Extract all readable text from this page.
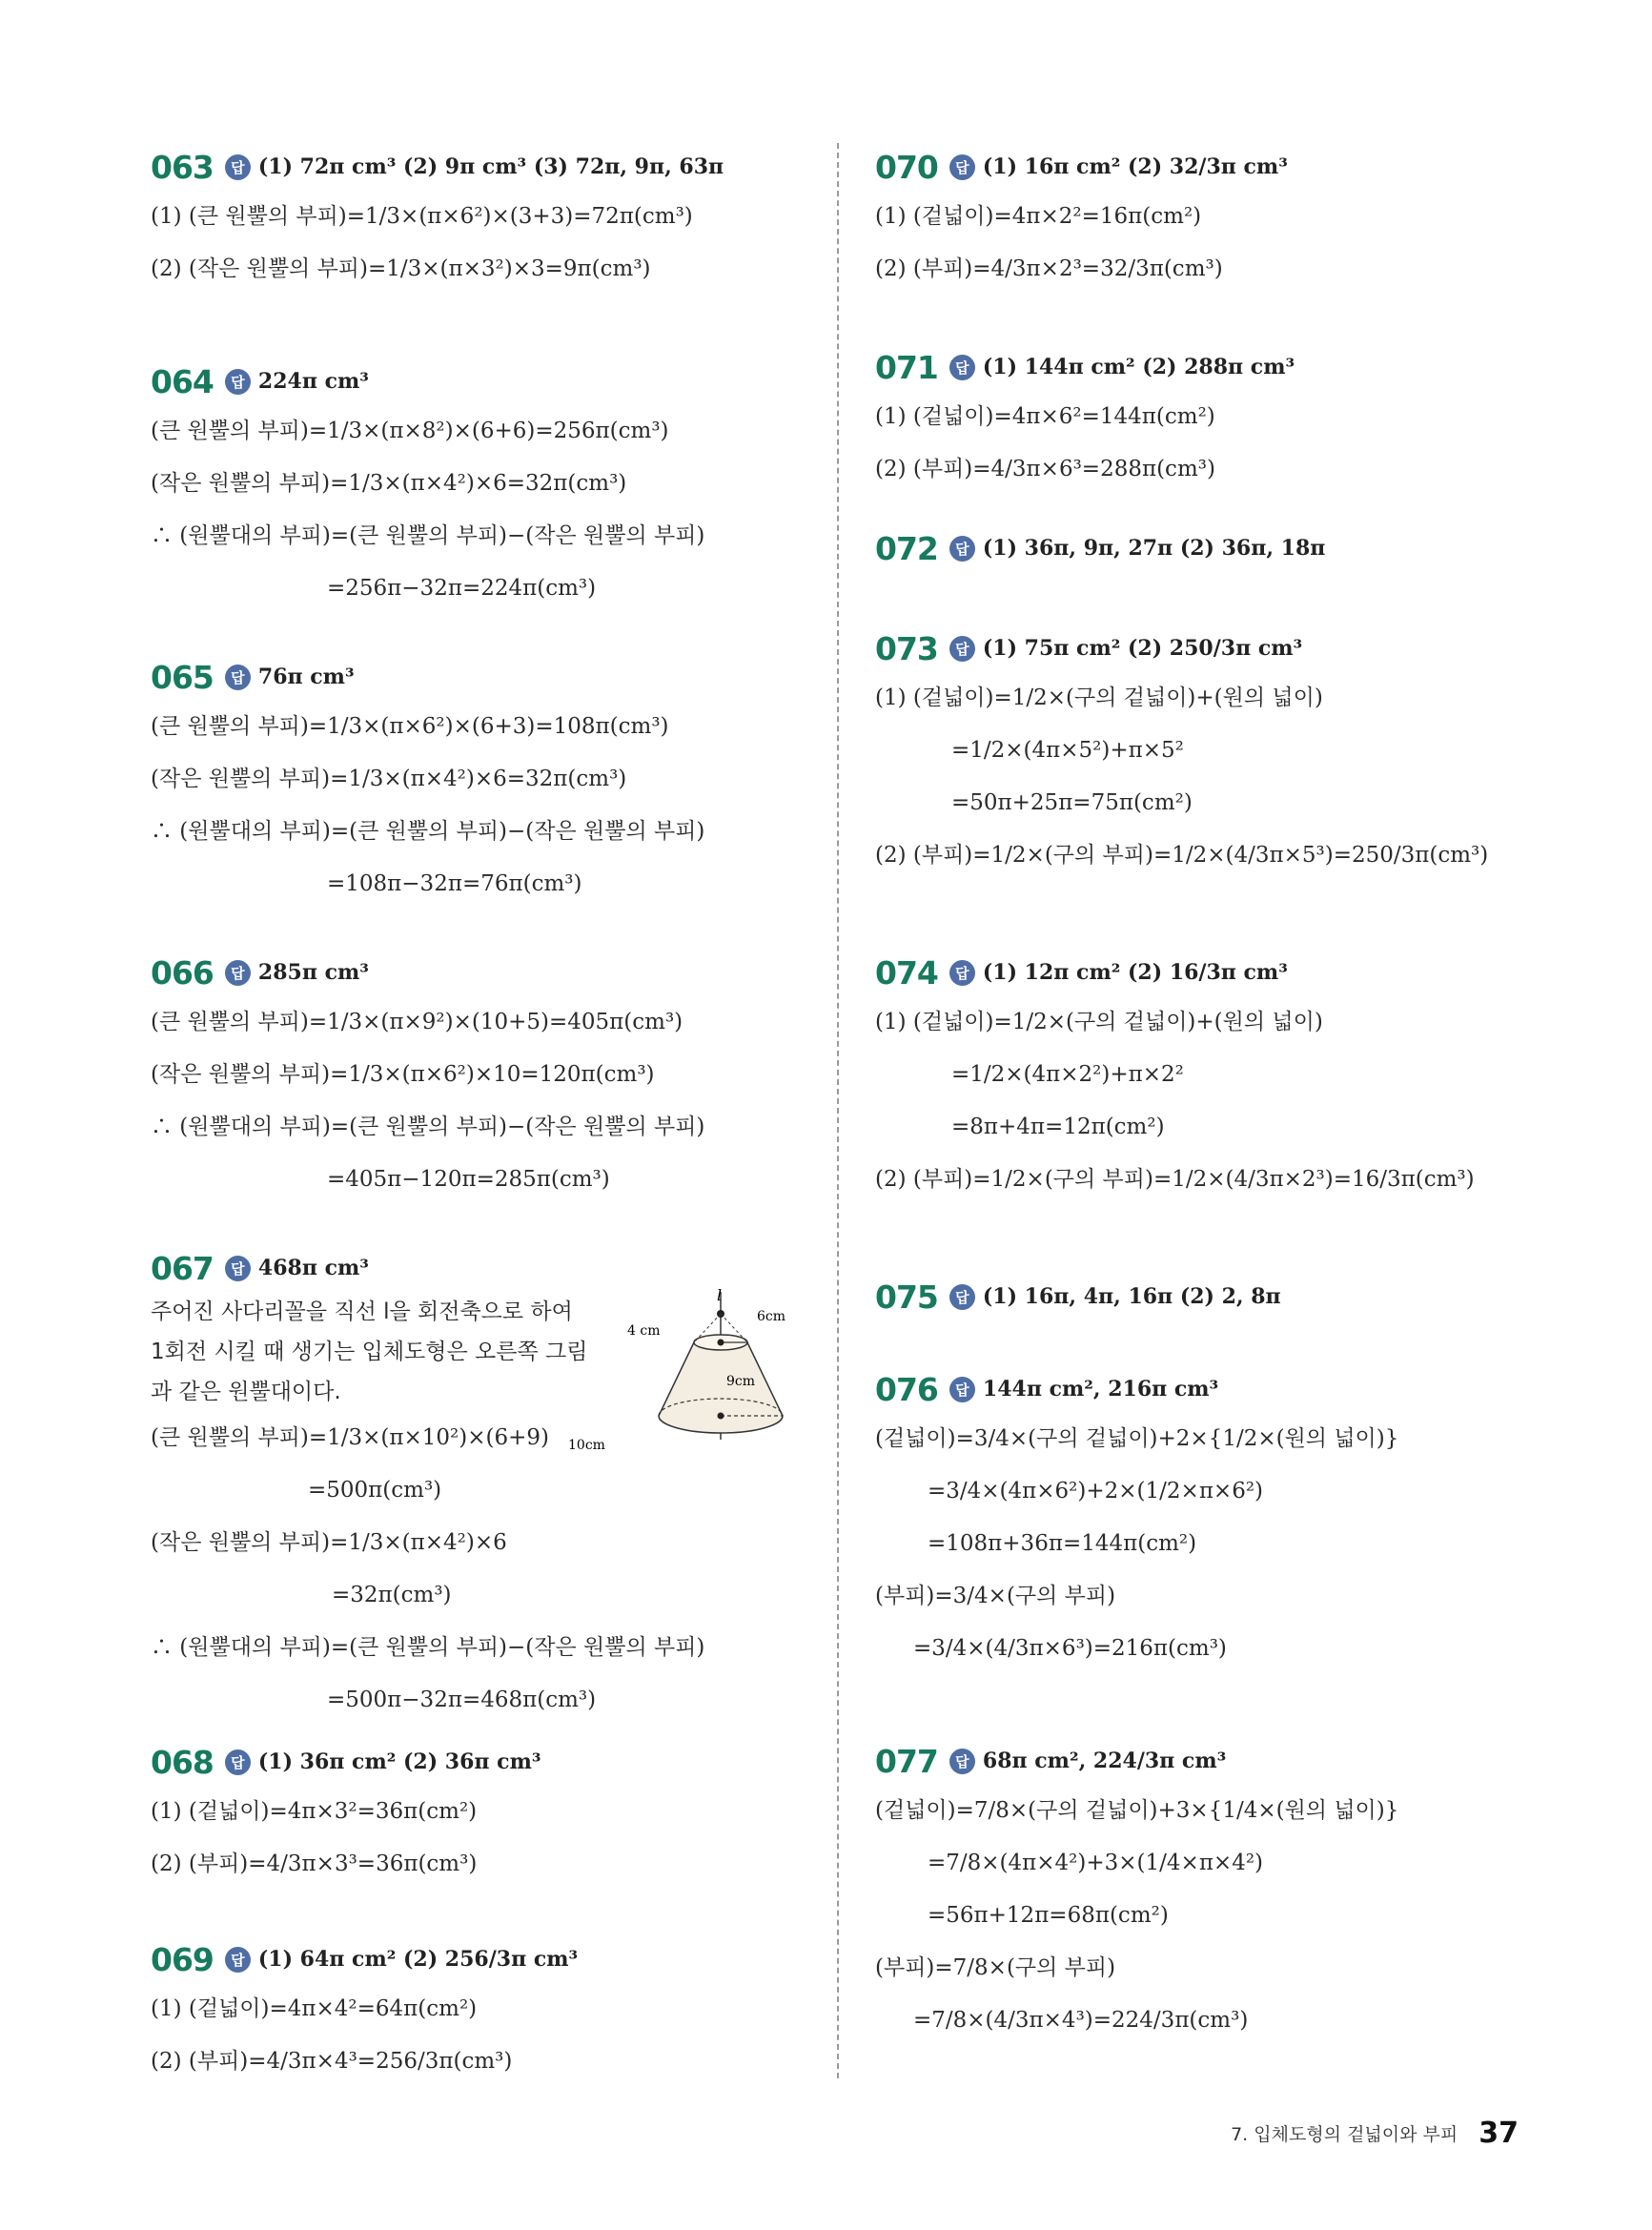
063	답 (1) 72π cm³ (2) 9π cm³ (3) 72π, 9π, 63π
(1) (큰 원뿔의 부피)=1/3×(π×6²)×(3+3)=72π(cm³)
(2) (작은 원뿔의 부피)=1/3×(π×3²)×3=9π(cm³)
064	답 224π cm³
(큰 원뿔의 부피)=1/3×(π×8²)×(6+6)=256π(cm³)
(작은 원뿔의 부피)=1/3×(π×4²)×6=32π(cm³)
∴ (원뿔대의 부피)=(큰 원뿔의 부피)−(작은 원뿔의 부피)
=256π−32π=224π(cm³)
065	답 76π cm³
(큰 원뿔의 부피)=1/3×(π×6²)×(6+3)=108π(cm³)
(작은 원뿔의 부피)=1/3×(π×4²)×6=32π(cm³)
∴ (원뿔대의 부피)=(큰 원뿔의 부피)−(작은 원뿔의 부피)
=108π−32π=76π(cm³)
066	답 285π cm³
(큰 원뿔의 부피)=1/3×(π×9²)×(10+5)=405π(cm³)
(작은 원뿔의 부피)=1/3×(π×6²)×10=120π(cm³)
∴ (원뿔대의 부피)=(큰 원뿔의 부피)−(작은 원뿔의 부피)
=405π−120π=285π(cm³)
067	답 468π cm³
주어진 사다리꼴을 직선 l을 회전축으로 하여
1회전 시킬 때 생기는 입체도형은 오른쪽 그림
과 같은 원뿔대이다.
(큰 원뿔의 부피)=1/3×(π×10²)×(6+9)
=500π(cm³)
(작은 원뿔의 부피)=1/3×(π×4²)×6
=32π(cm³)
∴ (원뿔대의 부피)=(큰 원뿔의 부피)−(작은 원뿔의 부피)
=500π−32π=468π(cm³)
l
4 cm
6cm
9cm
10cm
068	답 (1) 36π cm² (2) 36π cm³
(1) (겉넓이)=4π×3²=36π(cm²)
(2) (부피)=4/3π×3³=36π(cm³)
069	답 (1) 64π cm² (2) 256/3π cm³
(1) (겉넓이)=4π×4²=64π(cm²)
(2) (부피)=4/3π×4³=256/3π(cm³)
070	답 (1) 16π cm² (2) 32/3π cm³
(1) (겉넓이)=4π×2²=16π(cm²)
(2) (부피)=4/3π×2³=32/3π(cm³)
071	답 (1) 144π cm² (2) 288π cm³
(1) (겉넓이)=4π×6²=144π(cm²)
(2) (부피)=4/3π×6³=288π(cm³)
072	답 (1) 36π, 9π, 27π (2) 36π, 18π
073	답 (1) 75π cm² (2) 250/3π cm³
(1) (겉넓이)=1/2×(구의 겉넓이)+(원의 넓이)
=1/2×(4π×5²)+π×5²
=50π+25π=75π(cm²)
(2) (부피)=1/2×(구의 부피)=1/2×(4/3π×5³)=250/3π(cm³)
074	답 (1) 12π cm² (2) 16/3π cm³
(1) (겉넓이)=1/2×(구의 겉넓이)+(원의 넓이)
=1/2×(4π×2²)+π×2²
=8π+4π=12π(cm²)
(2) (부피)=1/2×(구의 부피)=1/2×(4/3π×2³)=16/3π(cm³)
075	답 (1) 16π, 4π, 16π (2) 2, 8π
076	답 144π cm², 216π cm³
(겉넓이)=3/4×(구의 겉넓이)+2×{1/2×(원의 넓이)}
=3/4×(4π×6²)+2×(1/2×π×6²)
=108π+36π=144π(cm²)
(부피)=3/4×(구의 부피)
=3/4×(4/3π×6³)=216π(cm³)
077	답 68π cm², 224/3π cm³
(겉넓이)=7/8×(구의 겉넓이)+3×{1/4×(원의 넓이)}
=7/8×(4π×4²)+3×(1/4×π×4²)
=56π+12π=68π(cm²)
(부피)=7/8×(구의 부피)
=7/8×(4/3π×4³)=224/3π(cm³)
7. 입체도형의 겉넓이와 부피 37
